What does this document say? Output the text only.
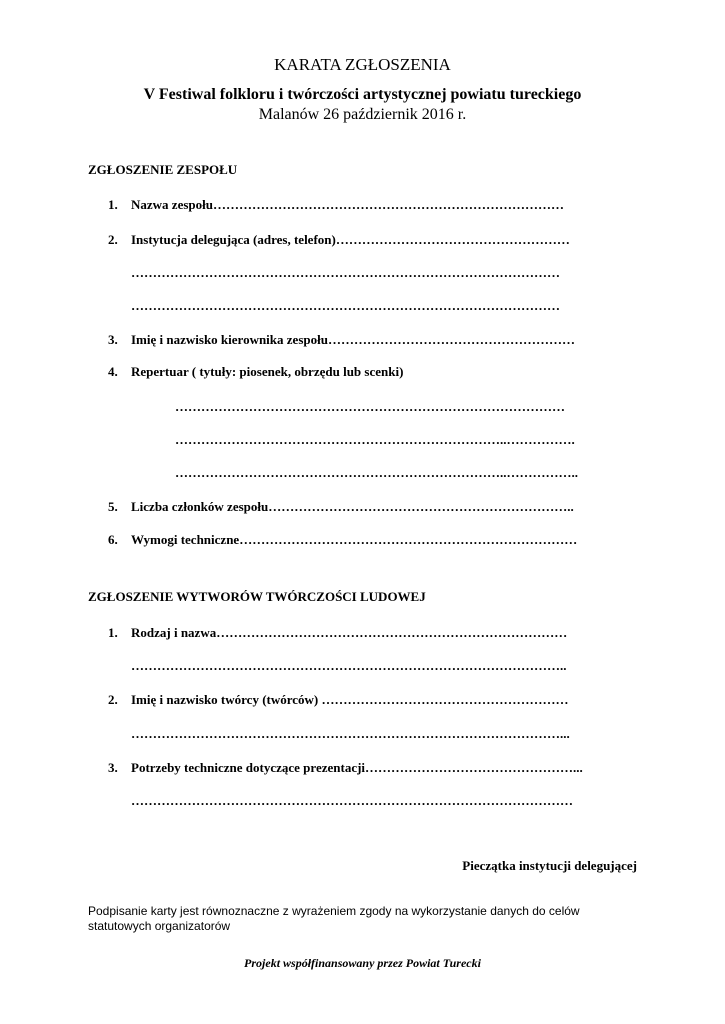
KARATA ZGŁOSZENIA
V Festiwal folkloru i twórczości artystycznej powiatu tureckiego
Malanów 26 październik 2016 r.
ZGŁOSZENIE ZESPOŁU
1. Nazwa zespołu………………………………………………………………………
2. Instytucja delegująca (adres, telefon)………………………………………………
………………………………………………………………………………………
………………………………………………………………………………………
3. Imię i nazwisko kierownika zespołu…………………………………………………
4. Repertuar ( tytuły: piosenek, obrzędu lub scenki)
………………………………………………………………………………
…………………………………………………………………..…………….
…………………………………………………………………..……………..
5. Liczba członków zespołu……………………………………………………………..
6. Wymogi techniczne……………………………………………………………………
ZGŁOSZENIE WYTWORÓW TWÓRCZOŚCI LUDOWEJ
1. Rodzaj i nazwa………………………………………………………………………
………………………………………………………………………………………..
2. Imię i nazwisko twórcy (twórców) …………………………………………………
………………………………………………………………………………………...
3. Potrzeby techniczne dotyczące prezentacji…………………………………………...
…………………………………………………………………………………………
Pieczątka instytucji delegującej
Podpisanie karty jest równoznaczne z wyrażeniem zgody na wykorzystanie danych do celów
statutowych organizatorów
Projekt współfinansowany przez Powiat Turecki
